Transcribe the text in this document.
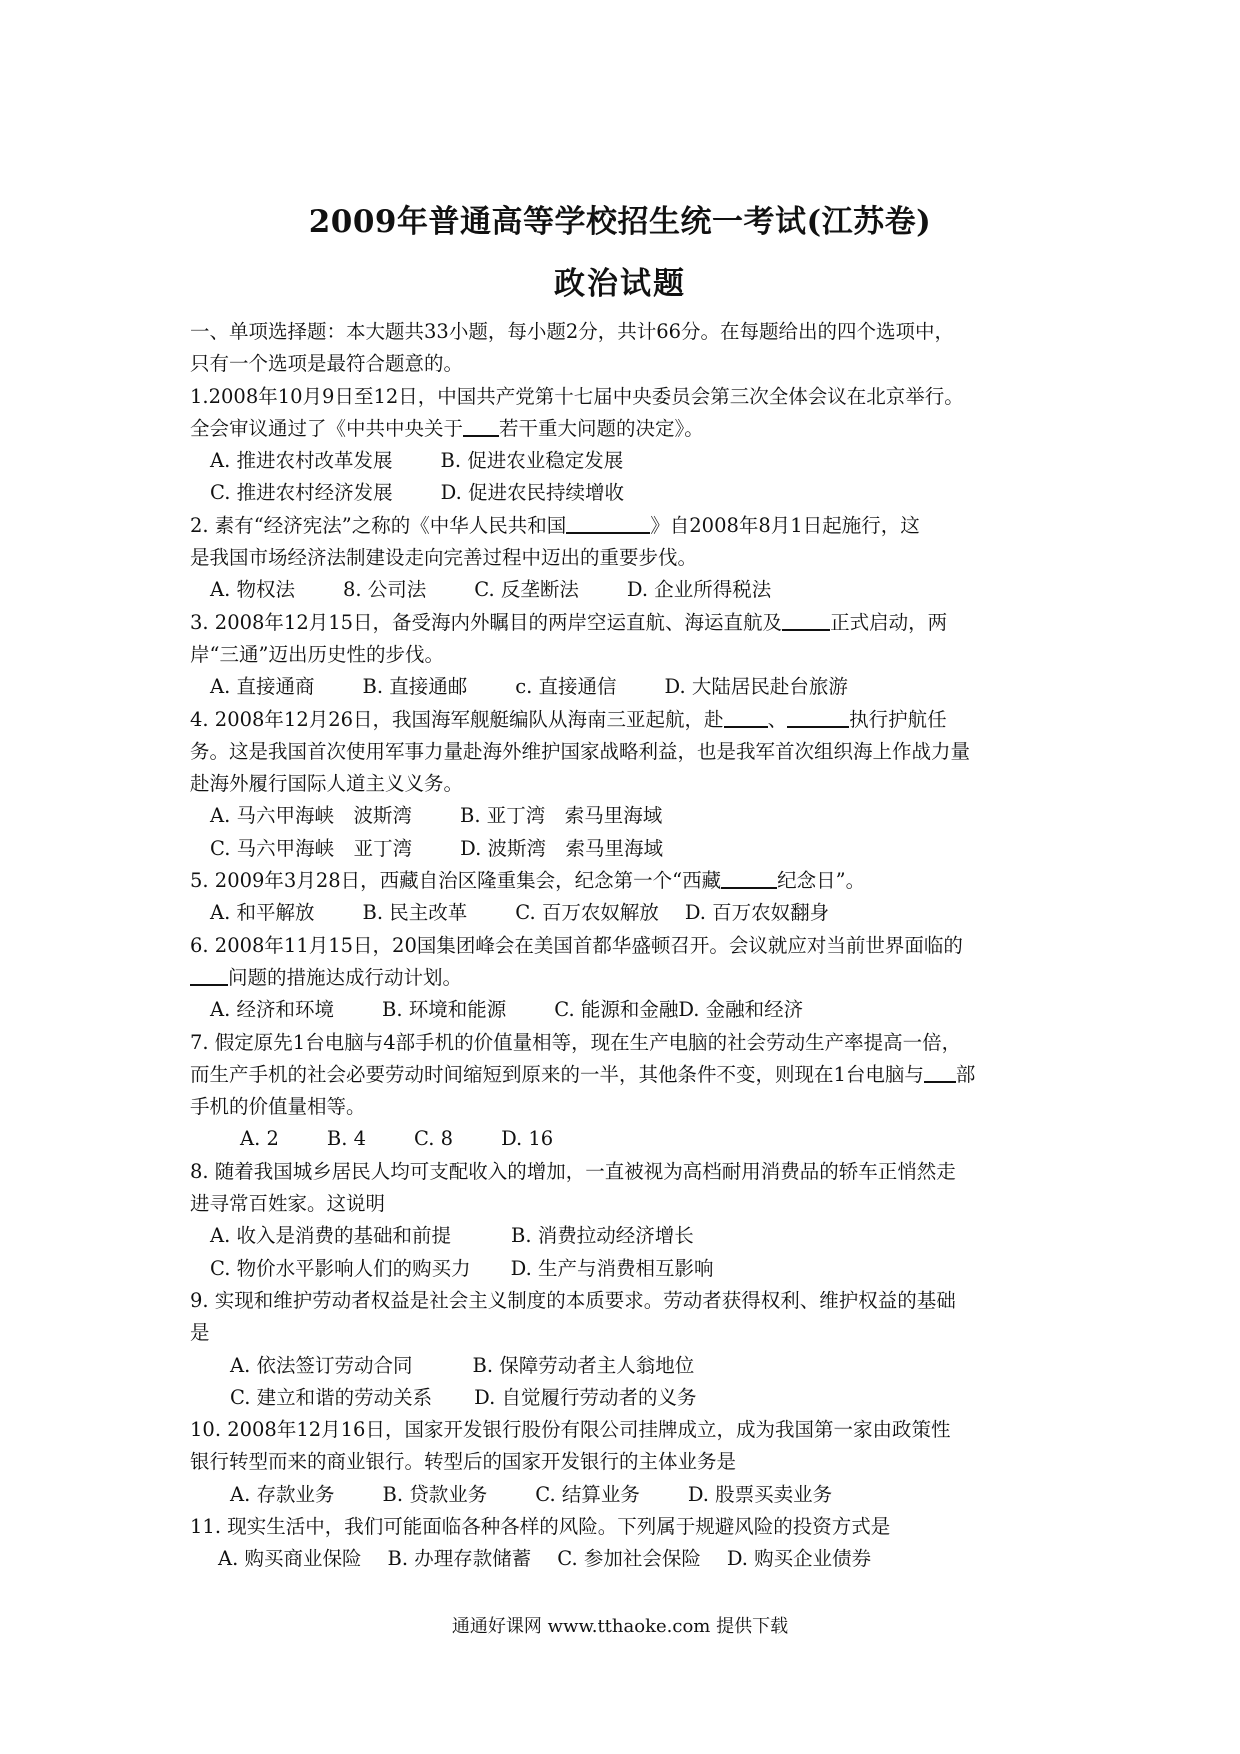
2009年普通高等学校招生统一考试(江苏卷)
政治试题
一、单项选择题：本大题共33小题，每小题2分，共计66分。在每题给出的四个选项中，
只有一个选项是最符合题意的。
1.2008年10月9日至12日，中国共产党第十七届中央委员会第三次全体会议在北京举行。
全会审议通过了《中共中央关于 若干重大问题的决定》。
A. 推进农村改革发展 B. 促进农业稳定发展
C. 推进农村经济发展 D. 促进农民持续增收
2. 素有“经济宪法”之称的《中华人民共和国	》自2008年8月1日起施行，这
是我国市场经济法制建设走向完善过程中迈出的重要步伐。
A. 物权法 8. 公司法 C. 反垄断法 D. 企业所得税法
3. 2008年12月15日，备受海内外瞩目的两岸空运直航、海运直航及 正式启动，两
岸“三通”迈出历史性的步伐。
A. 直接通商 B. 直接通邮 c. 直接通信 D. 大陆居民赴台旅游
4. 2008年12月26日，我国海军舰艇编队从海南三亚起航，赴 、	执行护航任
务。这是我国首次使用军事力量赴海外维护国家战略利益，也是我军首次组织海上作战力量
赴海外履行国际人道主义义务。
A. 马六甲海峡　波斯湾 B. 亚丁湾　索马里海域
C. 马六甲海峡　亚丁湾 D. 波斯湾　索马里海域
5. 2009年3月28日，西藏自治区隆重集会，纪念第一个“西藏	纪念日”。
A. 和平解放 B. 民主改革 C. 百万农奴解放 D. 百万农奴翻身
6. 2008年11月15日，20国集团峰会在美国首都华盛顿召开。会议就应对当前世界面临的
问题的措施达成行动计划。
A. 经济和环境 B. 环境和能源 C. 能源和金融D. 金融和经济
7. 假定原先1台电脑与4部手机的价值量相等，现在生产电脑的社会劳动生产率提高一倍，
而生产手机的社会必要劳动时间缩短到原来的一半，其他条件不变，则现在1台电脑与 部
手机的价值量相等。
A. 2 B. 4 C. 8 D. 16
8. 随着我国城乡居民人均可支配收入的增加，一直被视为高档耐用消费品的轿车正悄然走
进寻常百姓家。这说明
A. 收入是消费的基础和前提	B. 消费拉动经济增长
C. 物价水平影响人们的购买力 D. 生产与消费相互影响
9. 实现和维护劳动者权益是社会主义制度的本质要求。劳动者获得权利、维护权益的基础
是
A. 依法签订劳动合同	B. 保障劳动者主人翁地位
C. 建立和谐的劳动关系 D. 自觉履行劳动者的义务
10. 2008年12月16日，国家开发银行股份有限公司挂牌成立，成为我国第一家由政策性
银行转型而来的商业银行。转型后的国家开发银行的主体业务是
A. 存款业务 B. 贷款业务 C. 结算业务 D. 股票买卖业务
11. 现实生活中，我们可能面临各种各样的风险。下列属于规避风险的投资方式是
A. 购买商业保险 B. 办理存款储蓄 C. 参加社会保险 D. 购买企业债券
通通好课网 www.tthaoke.com 提供下载
